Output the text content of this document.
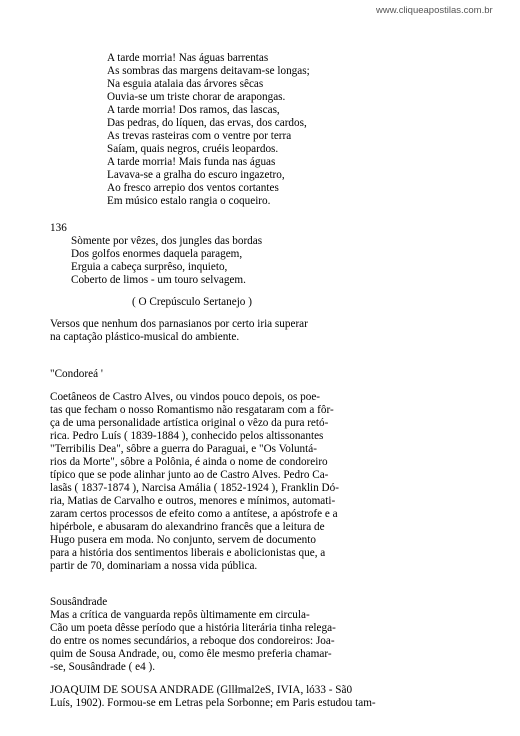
www.cliqueapostilas.com.br
A tarde morria! Nas águas barrentas
As sombras das margens deitavam-se longas;
Na esguia atalaia das árvores sêcas
Ouvia-se um triste chorar de arapongas.
A tarde morria! Dos ramos, das lascas,
Das pedras, do líquen, das ervas, dos cardos,
As trevas rasteiras com o ventre por terra
Saíam, quais negros, cruéis leopardos.
A tarde morria! Mais funda nas águas
Lavava-se a gralha do escuro ingazetro,
Ao fresco arrepio dos ventos cortantes
Em músico estalo rangia o coqueiro.
136
Sòmente por vêzes, dos jungles das bordas
Dos golfos enormes daquela paragem,
Erguia a cabeça surprêso, inquieto,
Coberto de limos - um touro selvagem.
( O Crepúsculo Sertanejo )
Versos que nenhum dos parnasianos por certo iria superar
na captação plástico-musical do ambiente.
"Condoreá '
Coetâneos de Castro Alves, ou vindos pouco depois, os poe-
tas que fecham o nosso Romantismo não resgataram com a fôr-
ça de uma personalidade artística original o vêzo da pura retó-
rica. Pedro Luís ( 1839-1884 ), conhecido pelos altissonantes
"Terribilis Dea", sôbre a guerra do Paraguai, e "Os Voluntá-
rios da Morte", sôbre a Polônia, é ainda o nome de condoreiro
típico que se pode alinhar junto ao de Castro Alves. Pedro Ca-
lasãs ( 1837-1874 ), Narcisa Amália ( 1852-1924 ), Franklin Dó-
ria, Matias de Carvalho e outros, menores e mínimos, automati-
zaram certos processos de efeito como a antítese, a apóstrofe e a
hipérbole, e abusaram do alexandrino francês que a leitura de
Hugo pusera em moda. No conjunto, servem de documento
para a história dos sentimentos liberais e abolicionistas que, a
partir de 70, dominariam a nossa vida pública.
Sousândrade
Mas a crítica de vanguarda repôs ùltimamente em circula-
Cão um poeta dêsse período que a história literária tinha relega-
do entre os nomes secundários, a reboque dos condoreiros: Joa-
quim de Sousa Andrade, ou, como êle mesmo preferia chamar-
-se, Sousândrade ( e4 ).
JOAQUIM DE SOUSA ANDRADE (Gllłmal2eS, IVIA, ló33 - Sã0
Luís, 1902). Formou-se em Letras pela Sorbonne; em Paris estudou tam-
